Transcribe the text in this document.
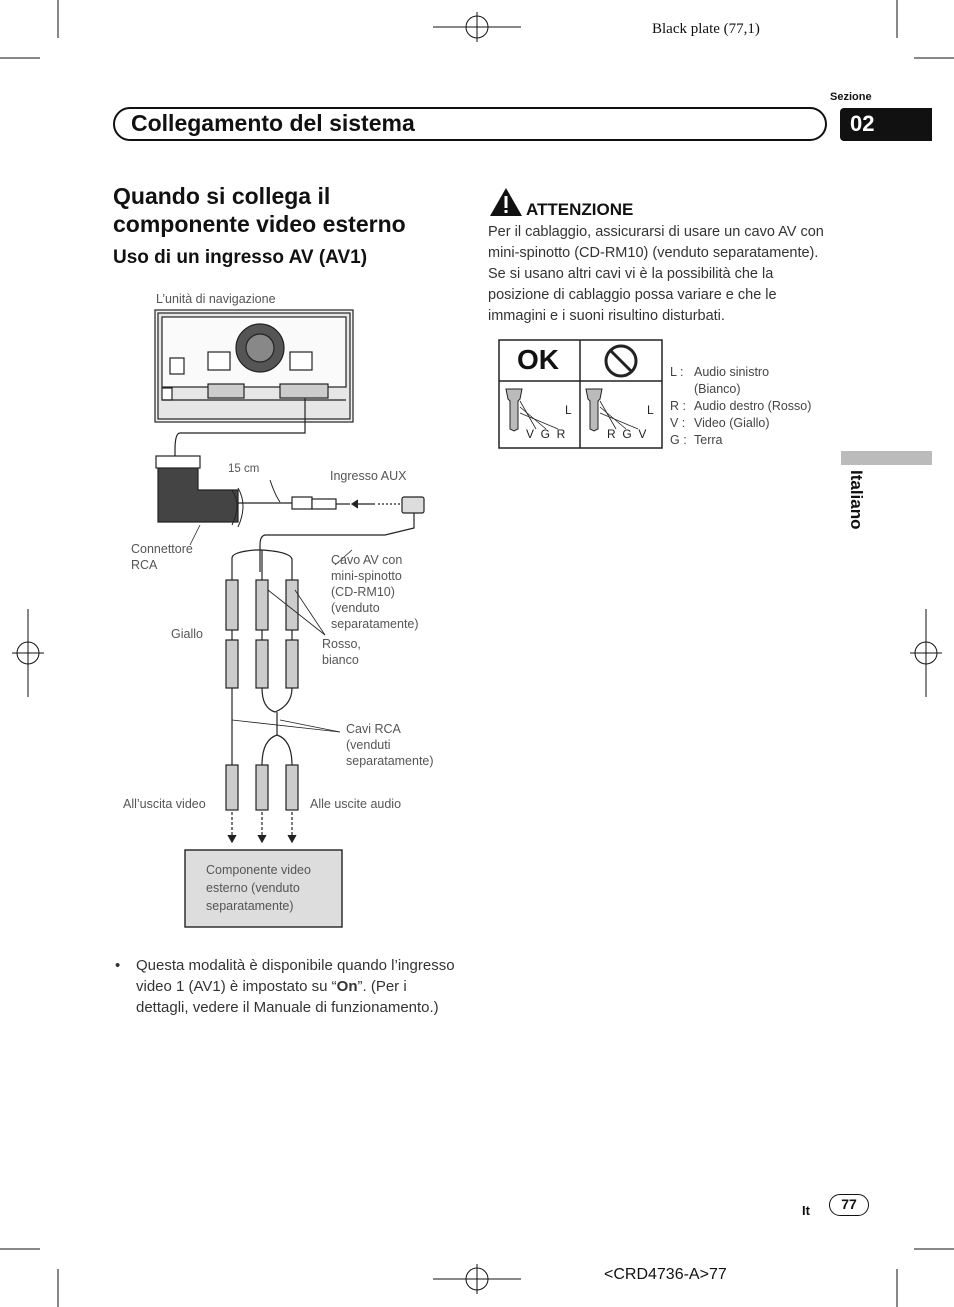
Black plate (77,1)
Sezione
Collegamento del sistema	02
Quando si collega il componente video esterno
Uso di un ingresso AV (AV1)
L’unità di navigazione
15 cm	Ingresso AUX
Connettore RCA	Cavo AV con mini-spinotto (CD-RM10) (venduto separatamente)
Giallo
Rosso, bianco
Cavi RCA (venduti separatamente)
All’uscita video	Alle uscite audio
Componente video esterno (venduto separatamente)
ATTENZIONE
Per il cablaggio, assicurarsi di usare un cavo AV con mini-spinotto (CD-RM10) (venduto separatamente). Se si usano altri cavi vi è la possibilità che la posizione di cablaggio possa variare e che le immagini e i suoni risultino disturbati.
OK
L
V  G  R
L
R  G  V
L : Audio sinistro (Bianco)
R : Audio destro (Rosso)
V : Video (Giallo)
G : Terra
Italiano
• Questa modalità è disponibile quando l’ingresso video 1 (AV1) è impostato su “On”. (Per i dettagli, vedere il Manuale di funzionamento.)
It	77
<CRD4736-A>77
